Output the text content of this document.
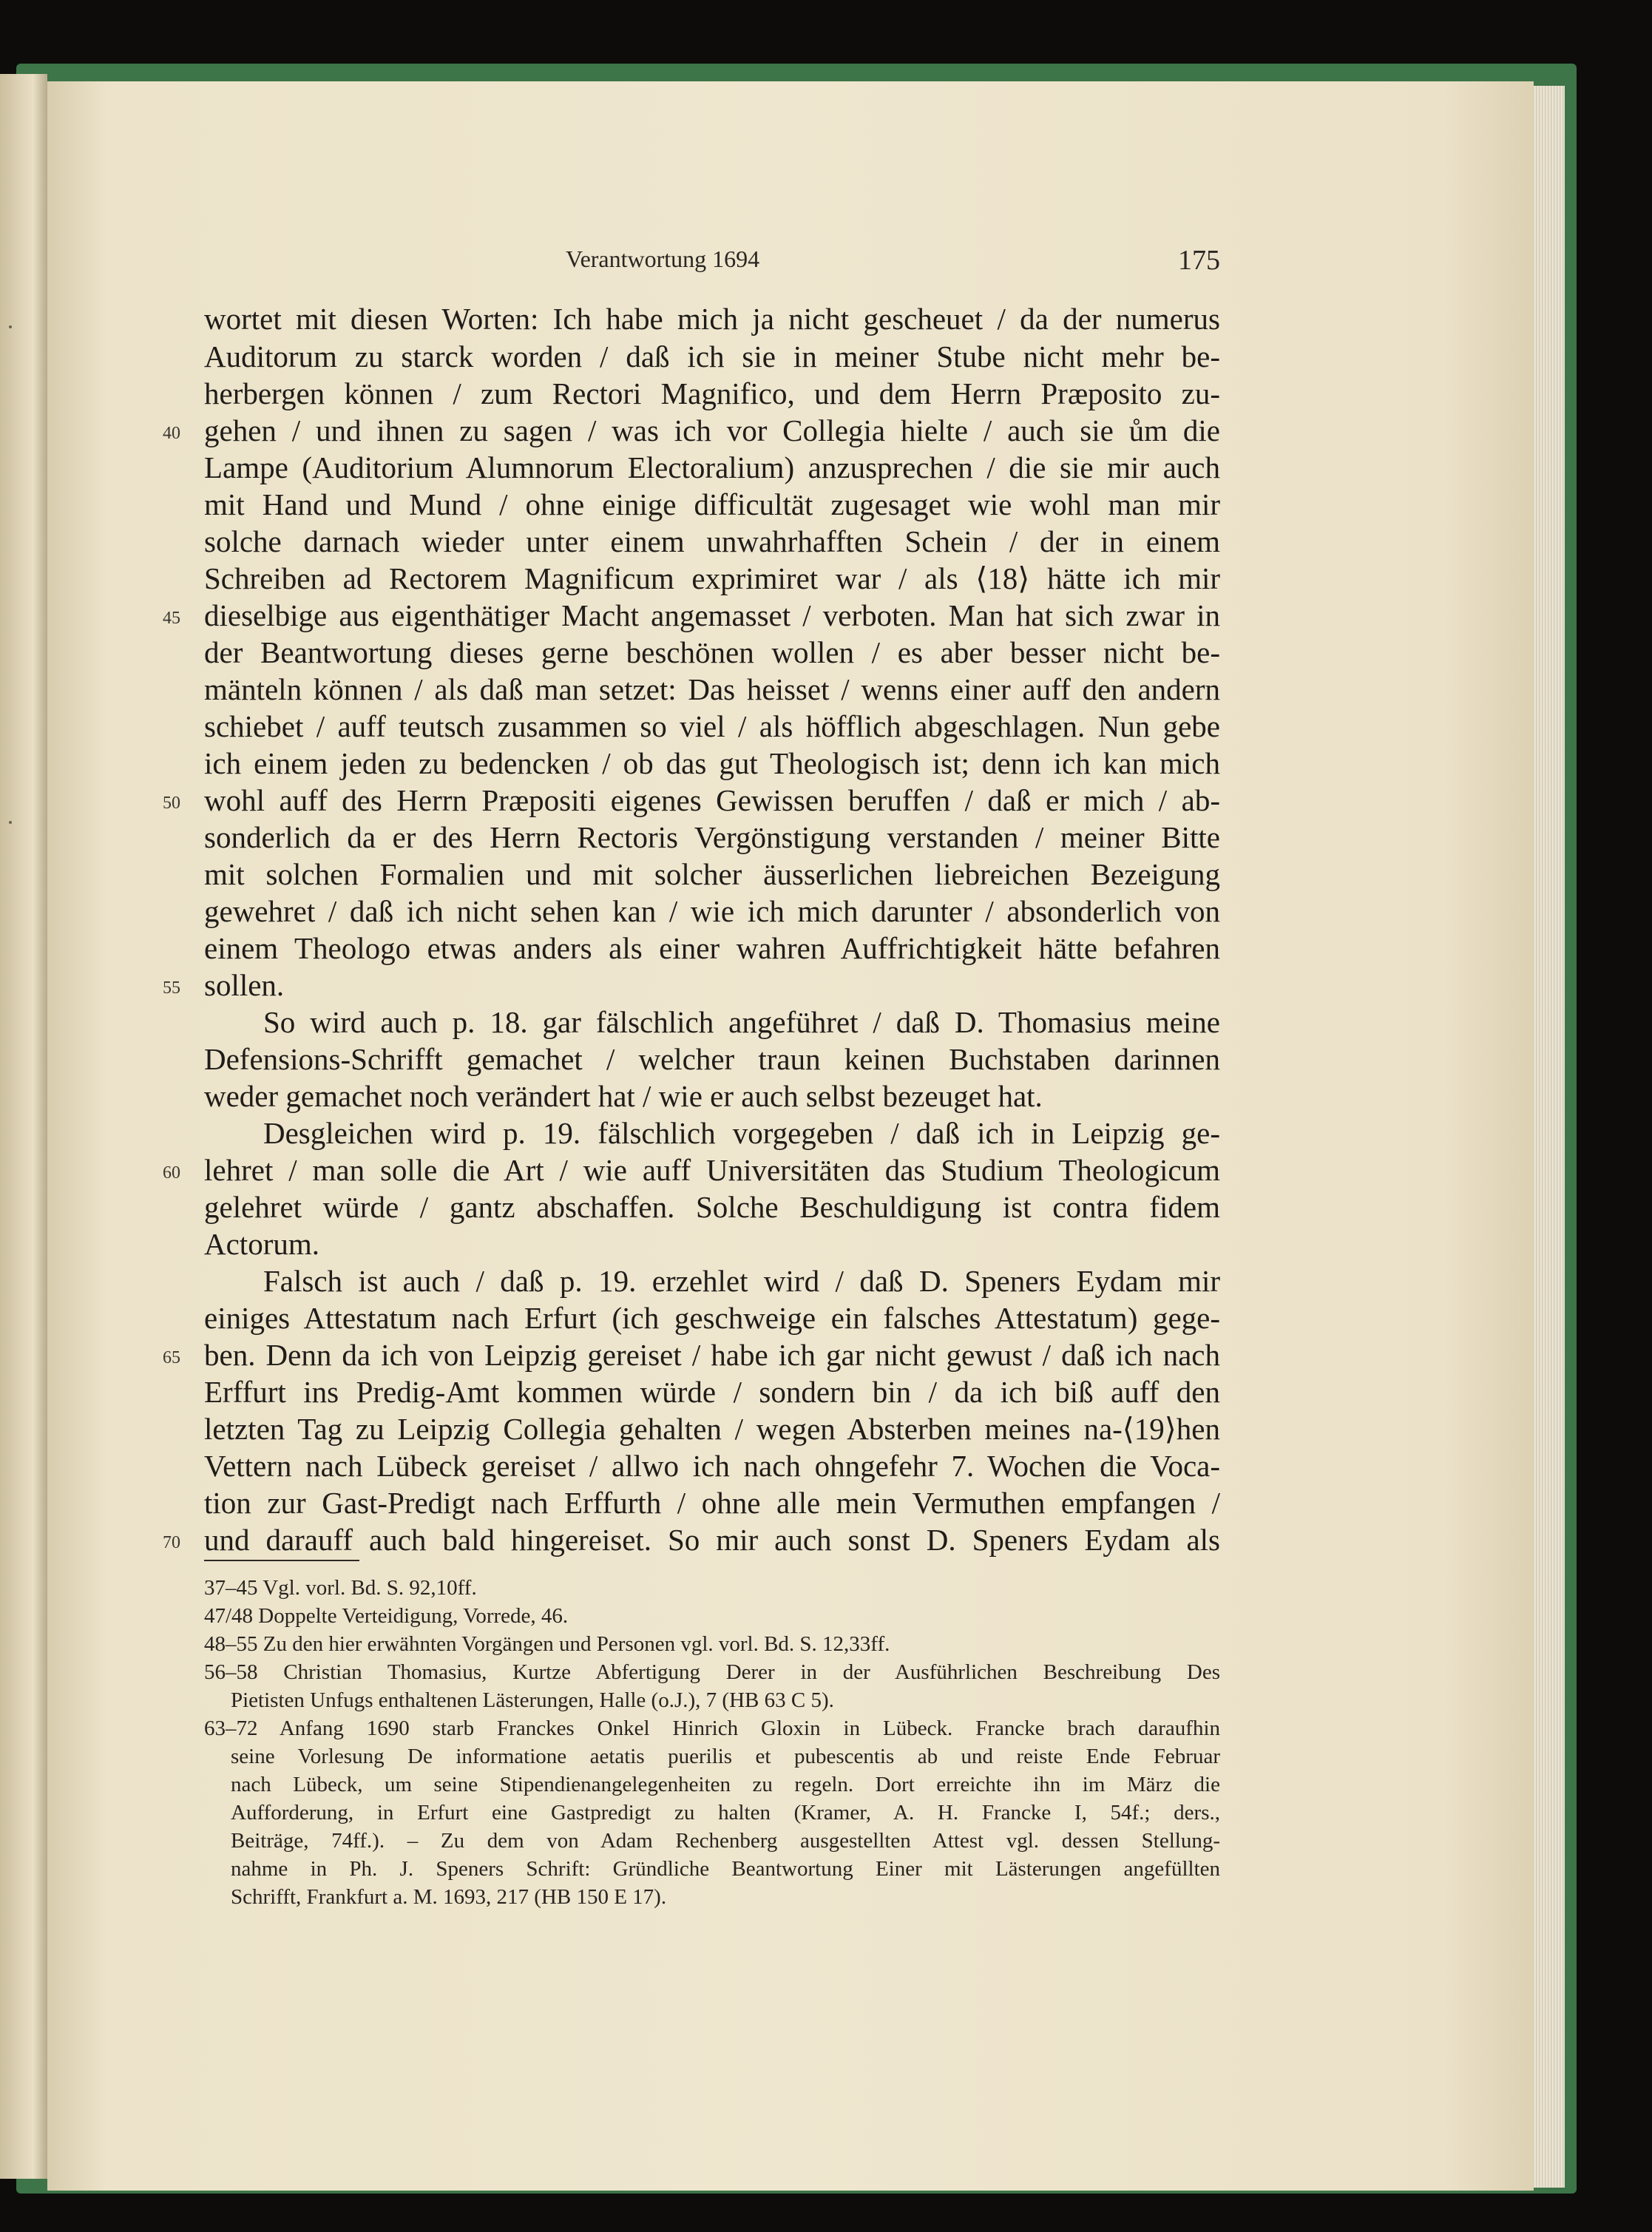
Verantwortung 1694	175
wortet mit diesen Worten: Ich habe mich ja nicht gescheuet / da der numerus
Auditorum zu starck worden / daß ich sie in meiner Stube nicht mehr be-
herbergen können / zum Rectori Magnifico, und dem Herrn Præposito zu-
gehen / und ihnen zu sagen / was ich vor Collegia hielte / auch sie ům die
Lampe (Auditorium Alumnorum Electoralium) anzusprechen / die sie mir auch
mit Hand und Mund / ohne einige difficultät zugesaget wie wohl man mir
solche darnach wieder unter einem unwahrhafften Schein / der in einem
Schreiben ad Rectorem Magnificum exprimiret war / als ⟨18⟩ hätte ich mir
dieselbige aus eigenthätiger Macht angemasset / verboten. Man hat sich zwar in
der Beantwortung dieses gerne beschönen wollen / es aber besser nicht be-
mänteln können / als daß man setzet: Das heisset / wenns einer auff den andern
schiebet / auff teutsch zusammen so viel / als höfflich abgeschlagen. Nun gebe
ich einem jeden zu bedencken / ob das gut Theologisch ist; denn ich kan mich
wohl auff des Herrn Præpositi eigenes Gewissen beruffen / daß er mich / ab-
sonderlich da er des Herrn Rectoris Vergönstigung verstanden / meiner Bitte
mit solchen Formalien und mit solcher äusserlichen liebreichen Bezeigung
gewehret / daß ich nicht sehen kan / wie ich mich darunter / absonderlich von
einem Theologo etwas anders als einer wahren Auffrichtigkeit hätte befahren
sollen.
So wird auch p. 18. gar fälschlich angeführet / daß D. Thomasius meine
Defensions-Schrifft gemachet / welcher traun keinen Buchstaben darinnen
weder gemachet noch verändert hat / wie er auch selbst bezeuget hat.
Desgleichen wird p. 19. fälschlich vorgegeben / daß ich in Leipzig ge-
lehret / man solle die Art / wie auff Universitäten das Studium Theologicum
gelehret würde / gantz abschaffen. Solche Beschuldigung ist contra fidem
Actorum.
Falsch ist auch / daß p. 19. erzehlet wird / daß D. Speners Eydam mir
einiges Attestatum nach Erfurt (ich geschweige ein falsches Attestatum) gege-
ben. Denn da ich von Leipzig gereiset / habe ich gar nicht gewust / daß ich nach
Erffurt ins Predig-Amt kommen würde / sondern bin / da ich biß auff den
letzten Tag zu Leipzig Collegia gehalten / wegen Absterben meines na-⟨19⟩hen
Vettern nach Lübeck gereiset / allwo ich nach ohngefehr 7. Wochen die Voca-
tion zur Gast-Predigt nach Erffurth / ohne alle mein Vermuthen empfangen /
und darauff auch bald hingereiset. So mir auch sonst D. Speners Eydam als
40
45
50
55
60
65
70
37–45 Vgl. vorl. Bd. S. 92,10ff.
47/48 Doppelte Verteidigung, Vorrede, 46.
48–55 Zu den hier erwähnten Vorgängen und Personen vgl. vorl. Bd. S. 12,33ff.
56–58 Christian Thomasius, Kurtze Abfertigung Derer in der Ausführlichen Beschreibung Des
Pietisten Unfugs enthaltenen Lästerungen, Halle (o.J.), 7 (HB 63 C 5).
63–72 Anfang 1690 starb Franckes Onkel Hinrich Gloxin in Lübeck. Francke brach daraufhin
seine Vorlesung De informatione aetatis puerilis et pubescentis ab und reiste Ende Februar
nach Lübeck, um seine Stipendienangelegenheiten zu regeln. Dort erreichte ihn im März die
Aufforderung, in Erfurt eine Gastpredigt zu halten (Kramer, A. H. Francke I, 54f.; ders.,
Beiträge, 74ff.). – Zu dem von Adam Rechenberg ausgestellten Attest vgl. dessen Stellung-
nahme in Ph. J. Speners Schrift: Gründliche Beantwortung Einer mit Lästerungen angefüllten
Schrifft, Frankfurt a. M. 1693, 217 (HB 150 E 17).
